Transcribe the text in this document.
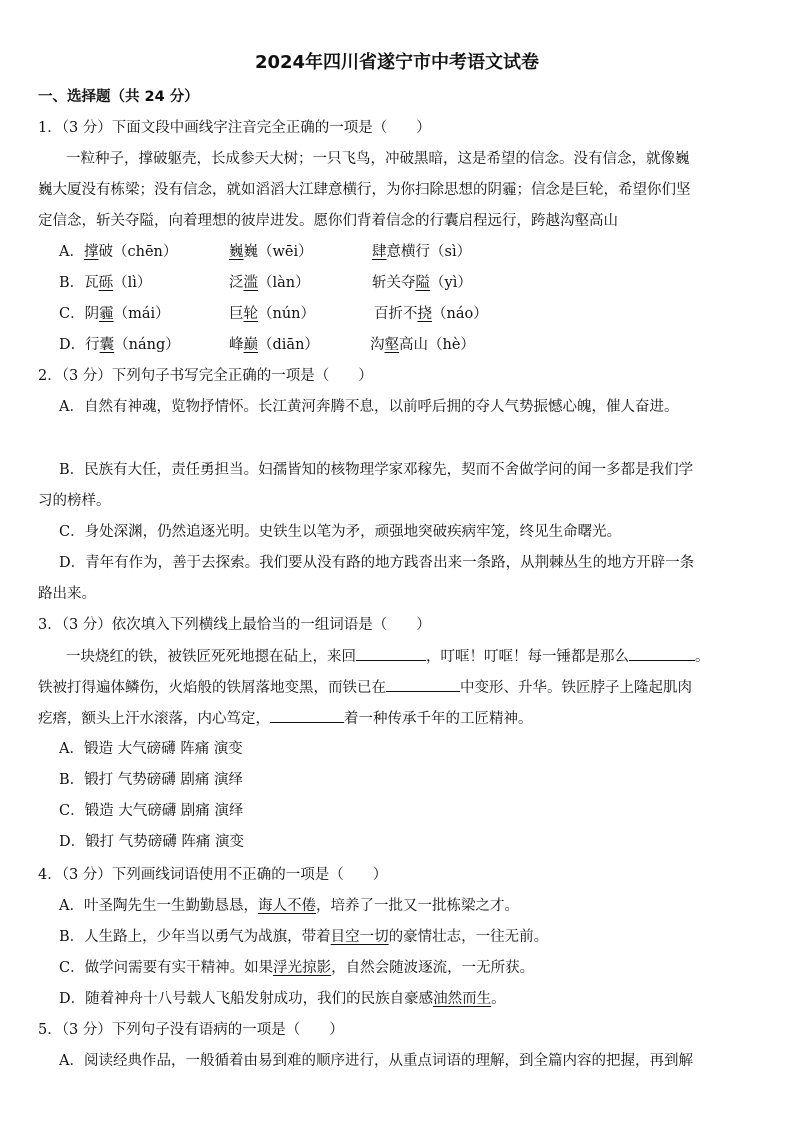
2024年四川省遂宁市中考语文试卷
一、选择题（共 24 分）
1．（3 分）下面文段中画线字注音完全正确的一项是（　　）
一粒种子，撑破躯壳，长成参天大树；一只飞鸟，冲破黑暗，这是希望的信念。没有信念，就像巍
巍大厦没有栋梁；没有信念，就如滔滔大江肆意横行，为你扫除思想的阴霾；信念是巨轮，希望你们坚
定信念，斩关夺隘，向着理想的彼岸进发。愿你们背着信念的行囊启程远行，跨越沟壑高山
A．撑破（chēn）	巍巍（wēi）	肆意横行（sì）
B．瓦砾（lì）	泛滥（làn）	斩关夺隘（yì）
C．阴霾（mái）	巨轮（nún）	百折不挠（náo）
D．行囊（náng）	峰巅（diān）	沟壑高山（hè）
2．（3 分）下列句子书写完全正确的一项是（　　）
A．自然有神魂，览物抒情怀。长江黄河奔腾不息，以前呼后拥的夺人气势振憾心魄，催人奋进。
B．民族有大任，责任勇担当。妇孺皆知的核物理学家邓稼先，契而不舍做学问的闻一多都是我们学
习的榜样。
C．身处深渊，仍然追逐光明。史铁生以笔为矛，顽强地突破疾病牢笼，终见生命曙光。
D．青年有作为，善于去探索。我们要从没有路的地方践沓出来一条路，从荆棘丛生的地方开辟一条
路出来。
3．（3 分）依次填入下列横线上最恰当的一组词语是（　　）
一块烧红的铁，被铁匠死死地摁在砧上，来回	，叮哐！叮哐！每一锤都是那么	。
铁被打得遍体鳞伤，火焰般的铁屑落地变黑，而铁已在	中变形、升华。铁匠脖子上隆起肌肉
疙瘩，额头上汗水滚落，内心笃定，	着一种传承千年的工匠精神。
A．锻造 大气磅礴 阵痛 演变
B．锻打 气势磅礴 剧痛 演绎
C．锻造 大气磅礴 剧痛 演绎
D．锻打 气势磅礴 阵痛 演变
4．（3 分）下列画线词语使用不正确的一项是（　　）
A．叶圣陶先生一生勤勤恳恳，诲人不倦，培养了一批又一批栋梁之才。
B．人生路上，少年当以勇气为战旗，带着目空一切的豪情壮志，一往无前。
C．做学问需要有实干精神。如果浮光掠影，自然会随波逐流，一无所获。
D．随着神舟十八号载人飞船发射成功，我们的民族自豪感油然而生。
5．（3 分）下列句子没有语病的一项是（　　）
A．阅读经典作品，一般循着由易到难的顺序进行，从重点词语的理解，到全篇内容的把握，再到解
